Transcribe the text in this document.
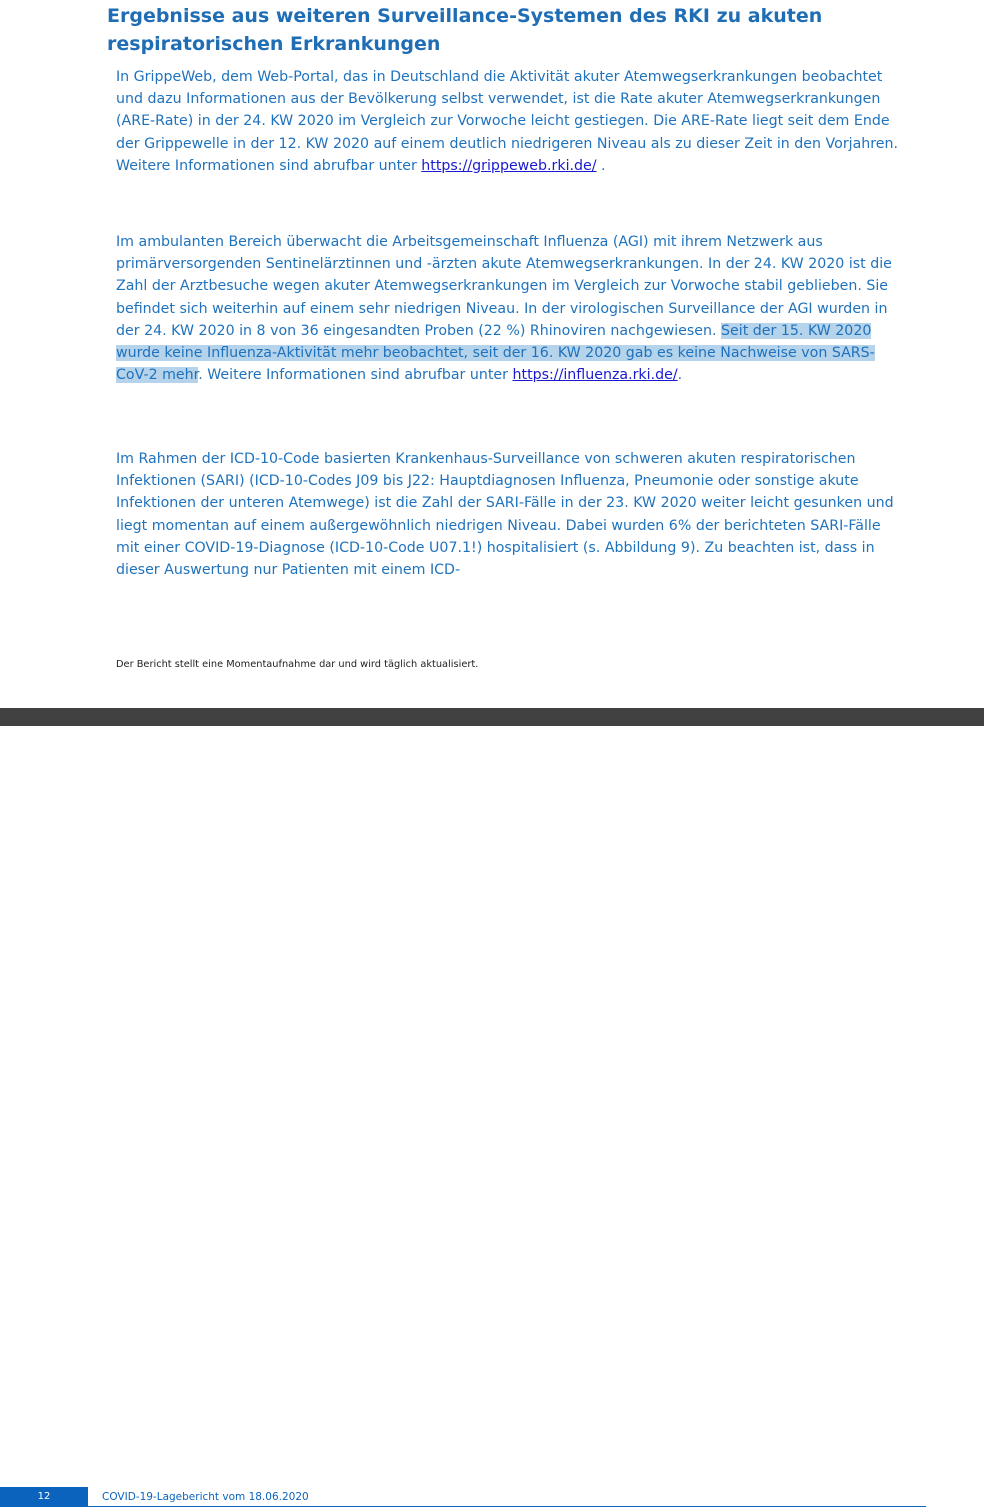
Ergebnisse aus weiteren Surveillance-Systemen des RKI zu akuten respiratorischen Erkrankungen

In GrippeWeb, dem Web-Portal, das in Deutschland die Aktivität akuter Atemwegserkrankungen beobachtet und dazu Informationen aus der Bevölkerung selbst verwendet, ist die Rate akuter Atemwegserkrankungen (ARE-Rate) in der 24. KW 2020 im Vergleich zur Vorwoche leicht gestiegen. Die ARE-Rate liegt seit dem Ende der Grippewelle in der 12. KW 2020 auf einem deutlich niedrigeren Niveau als zu dieser Zeit in den Vorjahren. Weitere Informationen sind abrufbar unter https://grippeweb.rki.de/ .

Im ambulanten Bereich überwacht die Arbeitsgemeinschaft Influenza (AGI) mit ihrem Netzwerk aus primärversorgenden Sentinelärztinnen und -ärzten akute Atemwegserkrankungen. In der 24. KW 2020 ist die Zahl der Arztbesuche wegen akuter Atemwegserkrankungen im Vergleich zur Vorwoche stabil geblieben. Sie befindet sich weiterhin auf einem sehr niedrigen Niveau. In der virologischen Surveillance der AGI wurden in der 24. KW 2020 in 8 von 36 eingesandten Proben (22 %) Rhinoviren nachgewiesen. Seit der 15. KW 2020 wurde keine Influenza-Aktivität mehr beobachtet, seit der 16. KW 2020 gab es keine Nachweise von SARS-CoV-2 mehr. Weitere Informationen sind abrufbar unter https://influenza.rki.de/.

Im Rahmen der ICD-10-Code basierten Krankenhaus-Surveillance von schweren akuten respiratorischen Infektionen (SARI) (ICD-10-Codes J09 bis J22: Hauptdiagnosen Influenza, Pneumonie oder sonstige akute Infektionen der unteren Atemwege) ist die Zahl der SARI-Fälle in der 23. KW 2020 weiter leicht gesunken und liegt momentan auf einem außergewöhnlich niedrigen Niveau. Dabei wurden 6% der berichteten SARI-Fälle mit einer COVID-19-Diagnose (ICD-10-Code U07.1!) hospitalisiert (s. Abbildung 9). Zu beachten ist, dass in dieser Auswertung nur Patienten mit einem ICD-

Der Bericht stellt eine Momentaufnahme dar und wird täglich aktualisiert.

12	COVID-19-Lagebericht vom 18.06.2020
